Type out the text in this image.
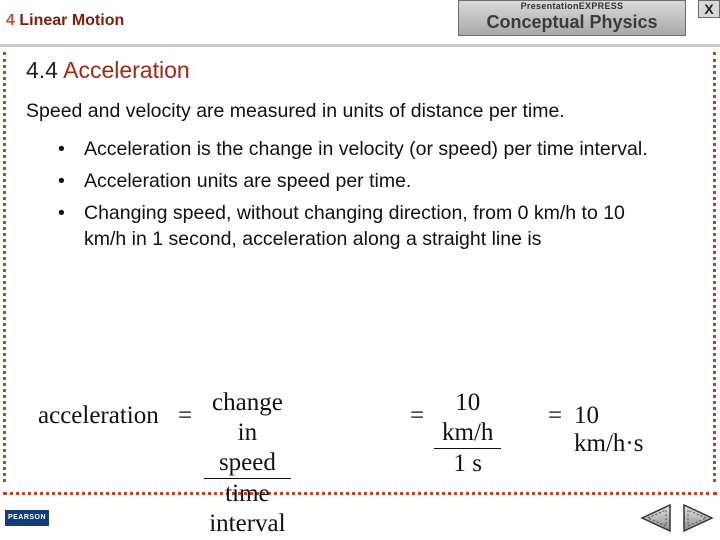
4 Linear Motion
PresentationEXPRESS
Conceptual Physics
X
4.4 Acceleration
Speed and velocity are measured in units of distance per time.
• Acceleration is the change in velocity (or speed) per time interval.
• Acceleration units are speed per time.
• Changing speed, without changing direction, from 0 km/h to 10 km/h in 1 second, acceleration along a straight line is
acceleration = change in speed
time interval
= $\frac{10 km/h}{1 s} = 10$ km/h·s
PEARSON
